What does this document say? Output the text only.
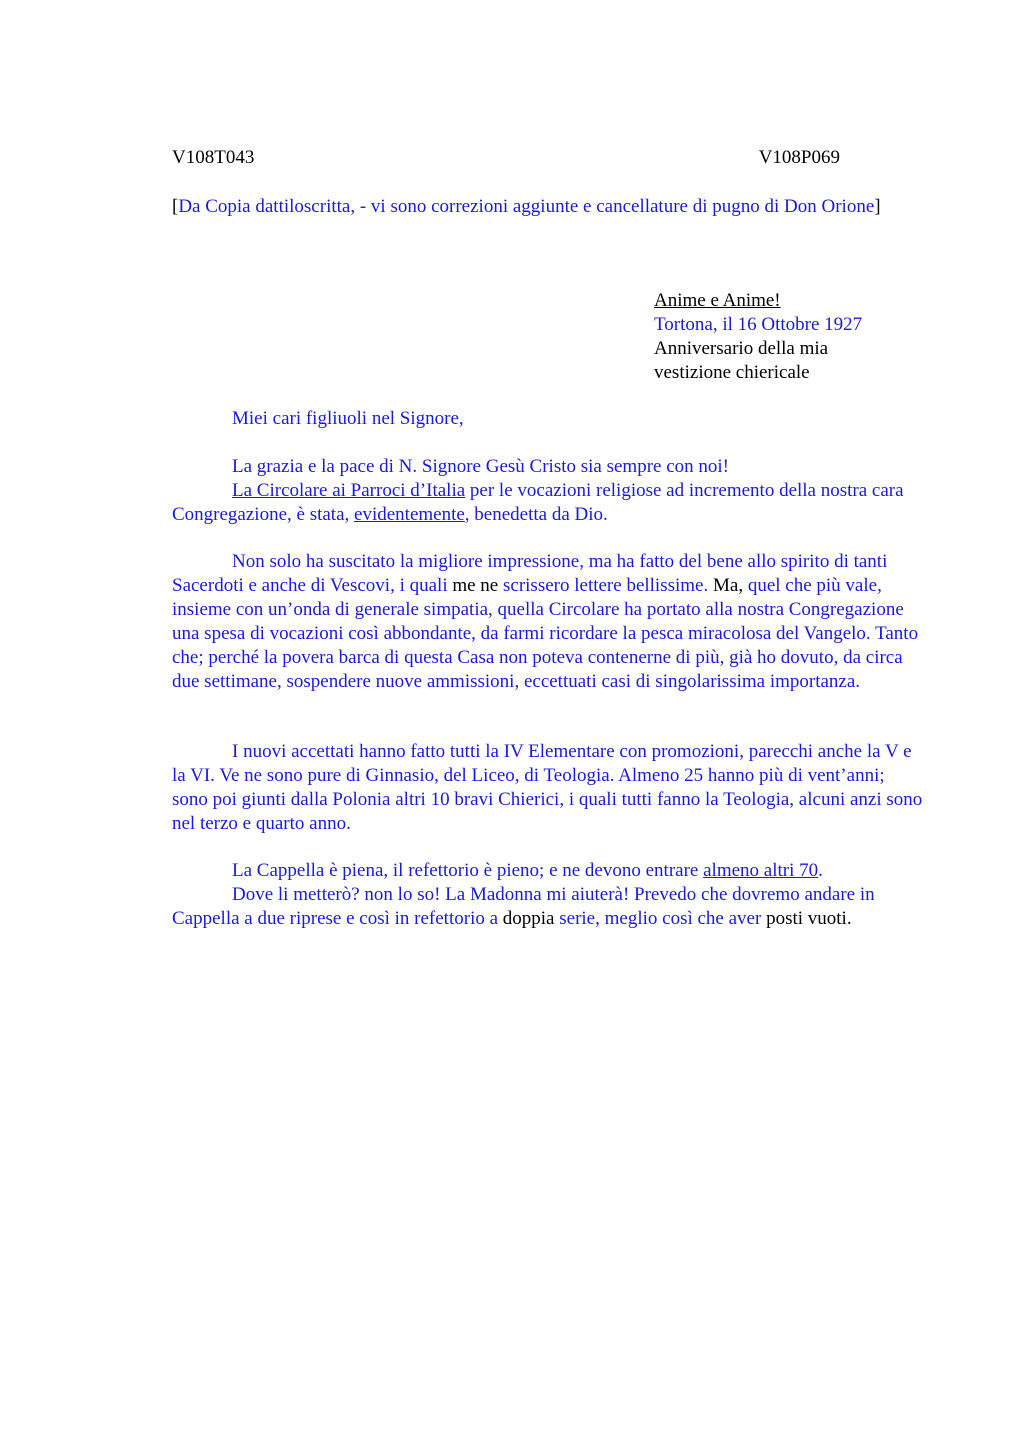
V108T043	V108P069

[Da Copia dattiloscritta, - vi sono correzioni aggiunte e cancellature di pugno di Don Orione]

Anime e Anime!
Tortona, il 16 Ottobre 1927
Anniversario della mia
vestizione chiericale

Miei cari figliuoli nel Signore,

La grazia e la pace di N. Signore Gesù Cristo sia sempre con noi!

La Circolare ai Parroci d’Italia per le vocazioni religiose ad incremento della nostra cara Congregazione, è stata, evidentemente, benedetta da Dio.

Non solo ha suscitato la migliore impressione, ma ha fatto del bene allo spirito di tanti Sacerdoti e anche di Vescovi, i quali me ne scrissero lettere bellissime. Ma, quel che più vale, insieme con un’onda di generale simpatia, quella Circolare ha portato alla nostra Congregazione una spesa di vocazioni così abbondante, da farmi ricordare la pesca miracolosa del Vangelo. Tanto che; perché la povera barca di questa Casa non poteva contenerne di più, già ho dovuto, da circa due settimane, sospendere nuove ammissioni, eccettuati casi di singolarissima importanza.

I nuovi accettati hanno fatto tutti la IV Elementare con promozioni, parecchi anche la V e la VI. Ve ne sono pure di Ginnasio, del Liceo, di Teologia. Almeno 25 hanno più di vent’anni; sono poi giunti dalla Polonia altri 10 bravi Chierici, i quali tutti fanno la Teologia, alcuni anzi sono nel terzo e quarto anno.

La Cappella è piena, il refettorio è pieno; e ne devono entrare almeno altri 70.

Dove li metterò? non lo so! La Madonna mi aiuterà! Prevedo che dovremo andare in Cappella a due riprese e così in refettorio a doppia serie, meglio così che aver posti vuoti.
